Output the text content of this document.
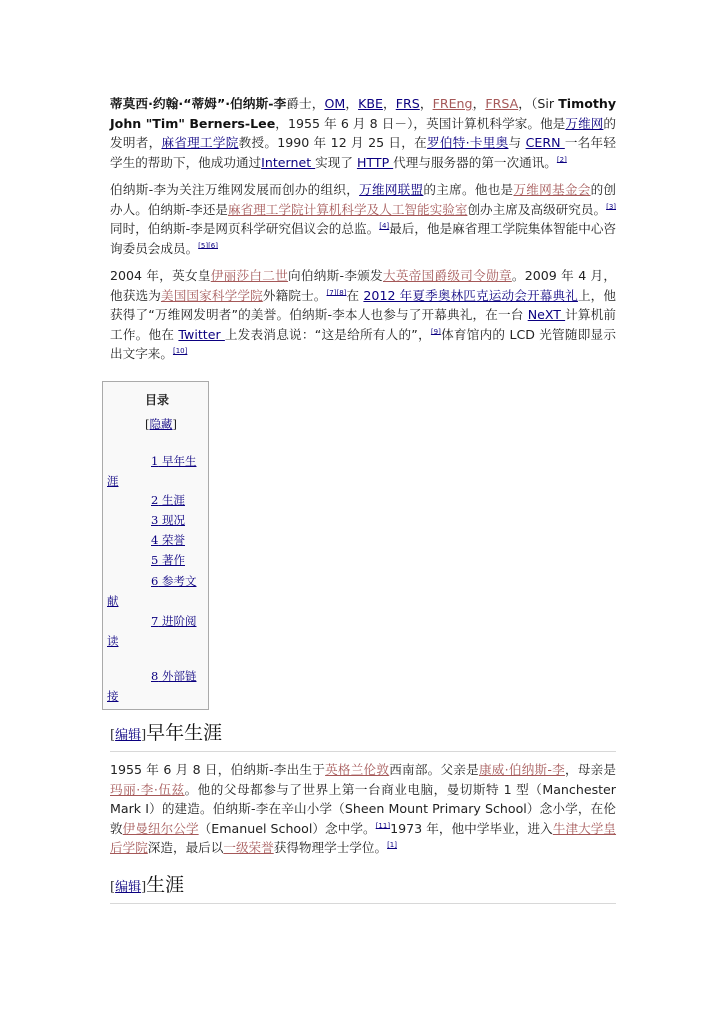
蒂莫西·约翰·“蒂姆”·伯纳斯-李爵士，OM，KBE，FRS，FREng，FRSA，（Sir Timothy John "Tim" Berners-Lee，1955 年 6 月 8 日－），英国计算机科学家。他是万维网的发明者，麻省理工学院教授。1990 年 12 月 25 日，在罗伯特·卡里奥与 CERN 一名年轻学生的帮助下，他成功通过Internet 实现了 HTTP 代理与服务器的第一次通讯。[2]

伯纳斯-李为关注万维网发展而创办的组织，万维网联盟的主席。他也是万维网基金会的创办人。伯纳斯-李还是麻省理工学院计算机科学及人工智能实验室创办主席及高级研究员。[3]同时，伯纳斯-李是网页科学研究倡议会的总监。[4]最后，他是麻省理工学院集体智能中心咨询委员会成员。[5][6]

2004 年，英女皇伊丽莎白二世向伯纳斯-李颁发大英帝国爵级司令勋章。2009 年 4 月，他获选为美国国家科学学院外籍院士。[7][8]在 2012 年夏季奥林匹克运动会开幕典礼上，他获得了“万维网发明者”的美誉。伯纳斯-李本人也参与了开幕典礼，在一台 NeXT 计算机前工作。他在 Twitter 上发表消息说：“这是给所有人的”，[9]体育馆内的 LCD 光管随即显示出文字来。[10]

目录
[隐藏]
1 早年生
涯
2 生涯
3 现况
4 荣誉
5 著作
6 参考文
献
7 进阶阅
读
8 外部链
接
[编辑]早年生涯

1955 年 6 月 8 日，伯纳斯-李出生于英格兰伦敦西南部。父亲是康威·伯纳斯-李，母亲是玛丽·李·伍兹。他的父母都参与了世界上第一台商业电脑，曼切斯特 1 型（Manchester Mark I）的建造。伯纳斯-李在辛山小学（Sheen Mount Primary School）念小学，在伦敦伊曼纽尔公学（Emanuel School）念中学。[11]1973 年，他中学毕业，进入牛津大学皇后学院深造，最后以一级荣誉获得物理学士学位。[1]

[编辑]生涯
